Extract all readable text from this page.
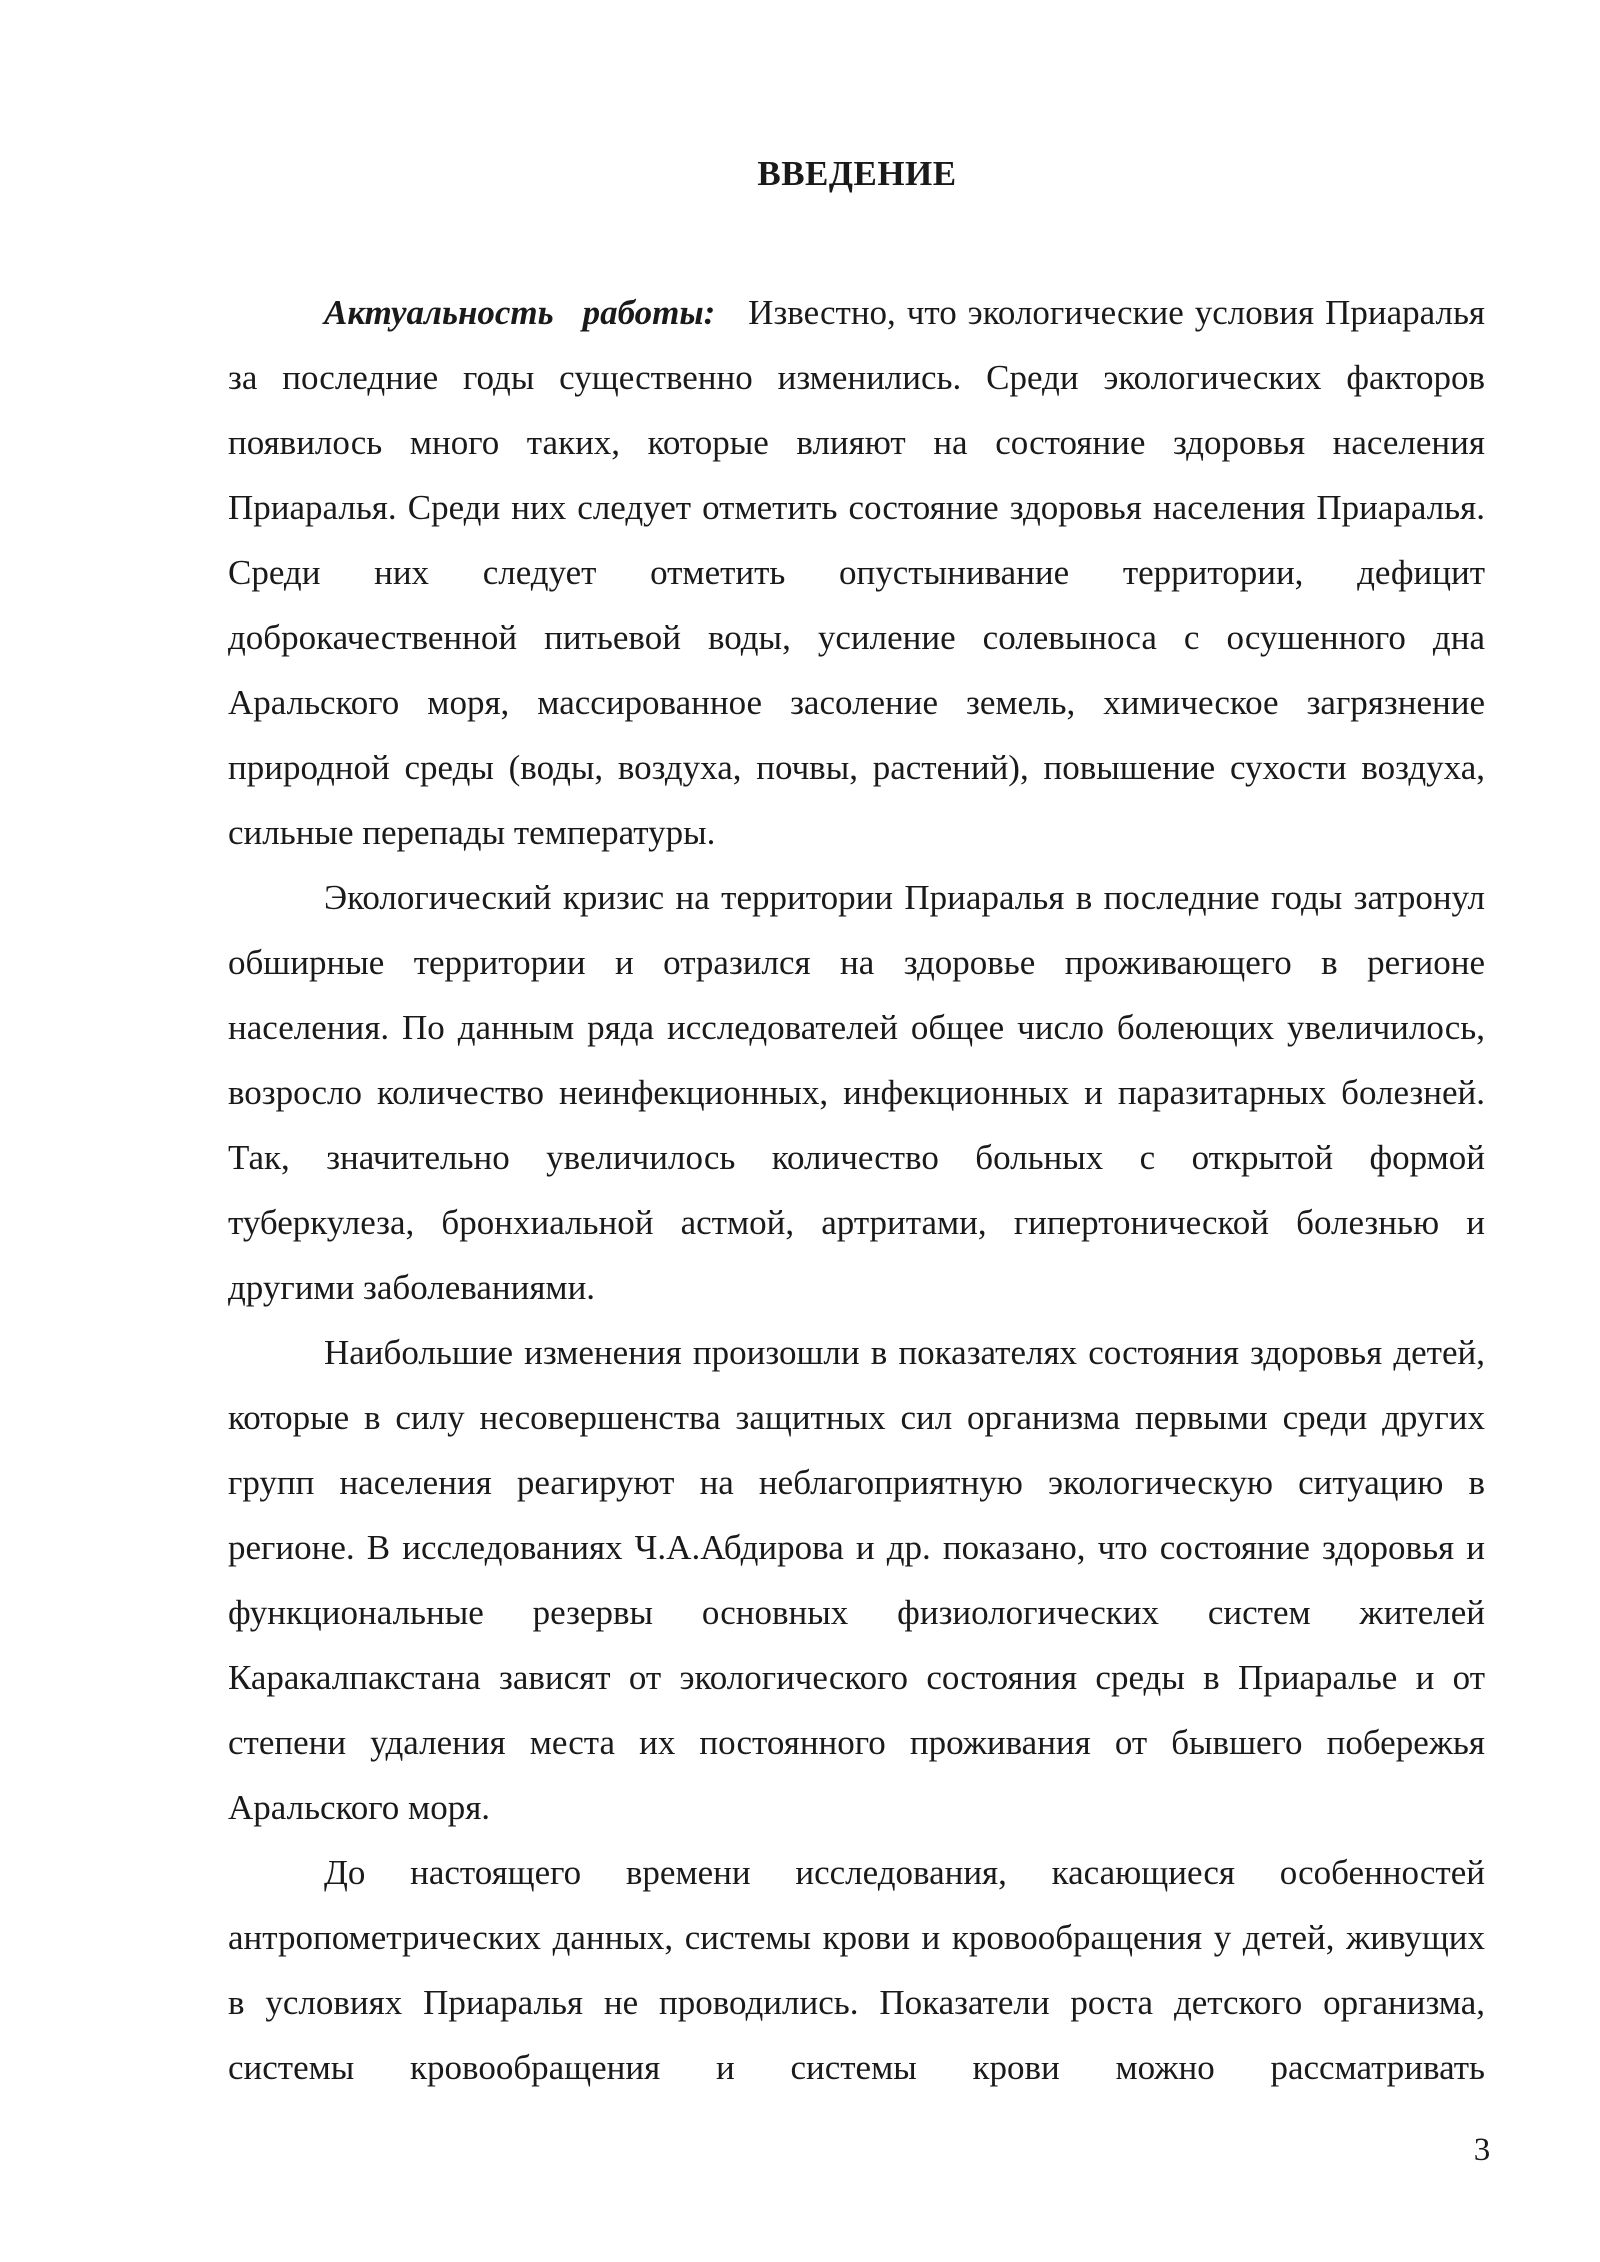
ВВЕДЕНИЕ

Актуальность работы: Известно, что экологические условия Приаралья за последние годы существенно изменились. Среди экологических факторов появилось много таких, которые влияют на состояние здоровья населения Приаралья. Среди них следует отметить состояние здоровья населения Приаралья. Среди них следует отметить опустынивание территории, дефицит доброкачественной питьевой воды, усиление солевыноса с осушенного дна Аральского моря, массированное засоление земель, химическое загрязнение природной среды (воды, воздуха, почвы, растений), повышение сухости воздуха, сильные перепады температуры.

Экологический кризис на территории Приаралья в последние годы затронул обширные территории и отразился на здоровье проживающего в регионе населения. По данным ряда исследователей общее число болеющих увеличилось, возросло количество неинфекционных, инфекционных и паразитарных болезней. Так, значительно увеличилось количество больных с открытой формой туберкулеза, бронхиальной астмой, артритами, гипертонической болезнью и другими заболеваниями.

Наибольшие изменения произошли в показателях состояния здоровья детей, которые в силу несовершенства защитных сил организма первыми среди других групп населения реагируют на неблагоприятную экологическую ситуацию в регионе. В исследованиях Ч.А.Абдирова и др. показано, что состояние здоровья и функциональные резервы основных физиологических систем жителей Каракалпакстана зависят от экологического состояния среды в Приаралье и от степени удаления места их постоянного проживания от бывшего побережья Аральского моря.

До настоящего времени исследования, касающиеся особенностей антропометрических данных, системы крови и кровообращения у детей, живущих в условиях Приаралья не проводились. Показатели роста детского организма, системы кровообращения и системы крови можно рассматривать

3
